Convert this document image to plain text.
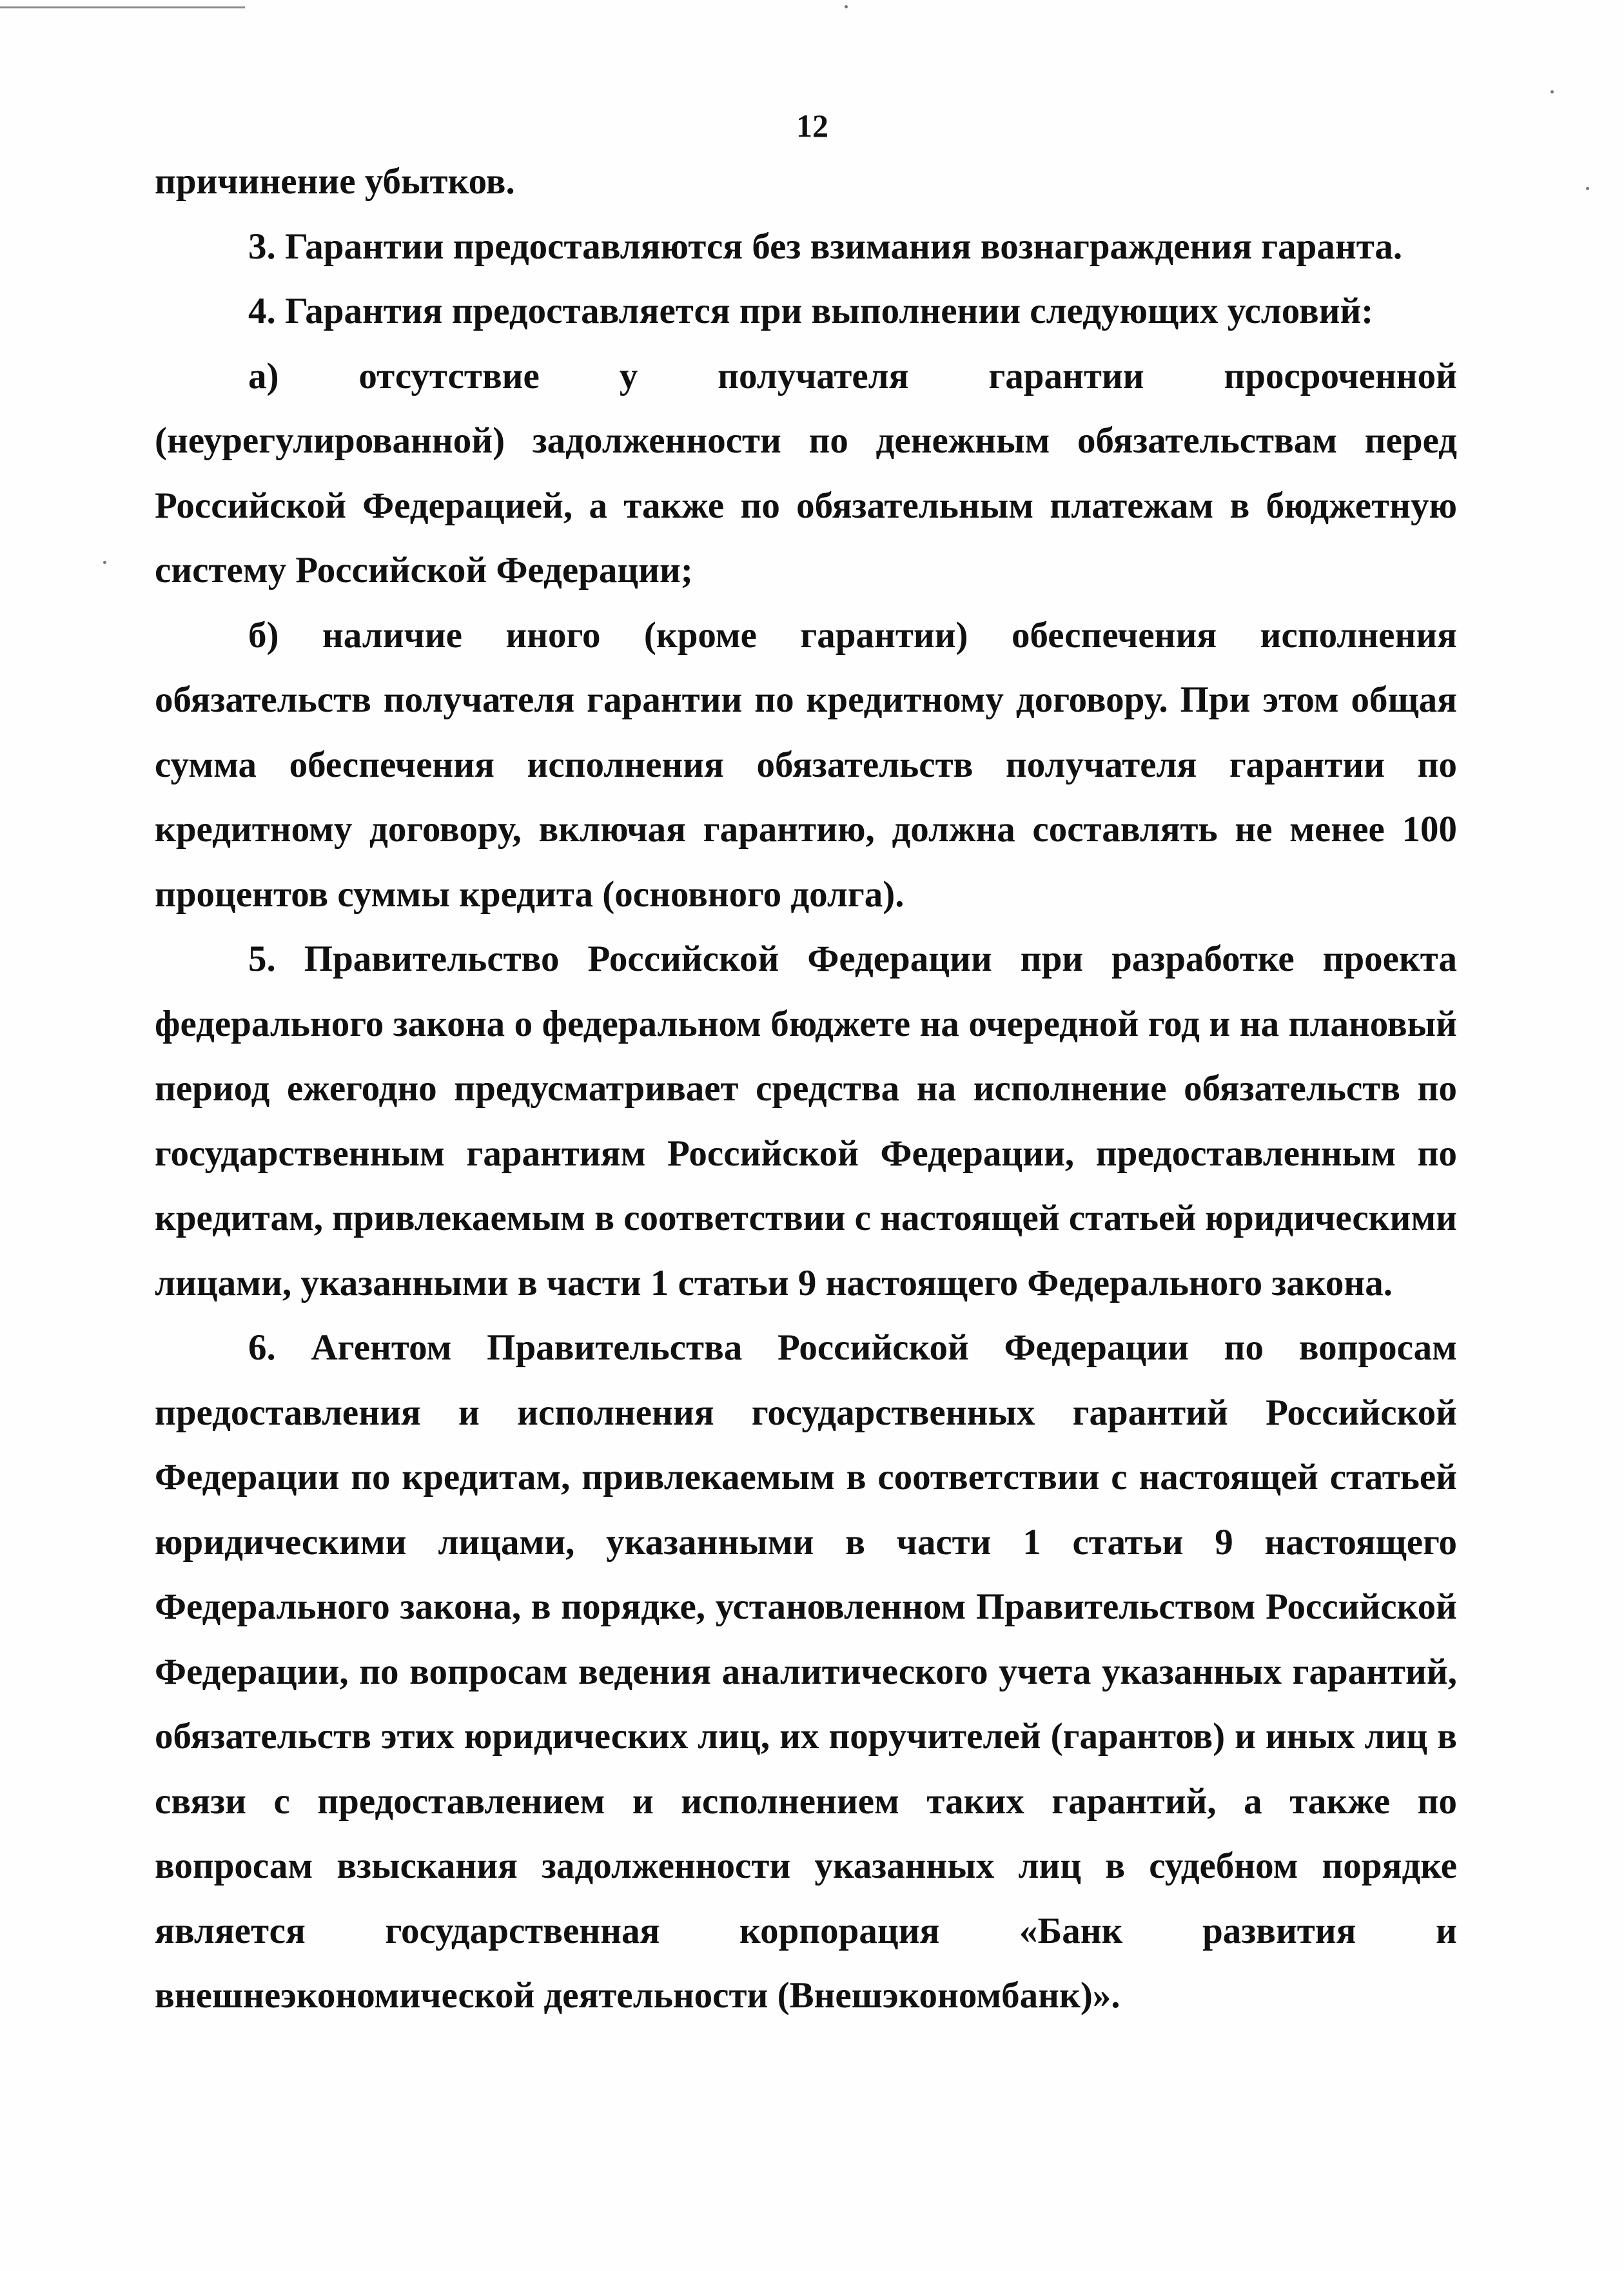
12

причинение убытков.

3. Гарантии предоставляются без взимания вознаграждения гаранта.

4. Гарантия предоставляется при выполнении следующих условий:

а) отсутствие у получателя гарантии просроченной (неурегулированной) задолженности по денежным обязательствам перед Российской Федерацией, а также по обязательным платежам в бюджетную систему Российской Федерации;

б) наличие иного (кроме гарантии) обеспечения исполнения обязательств получателя гарантии по кредитному договору. При этом общая сумма обеспечения исполнения обязательств получателя гарантии по кредитному договору, включая гарантию, должна составлять не менее 100 процентов суммы кредита (основного долга).

5. Правительство Российской Федерации при разработке проекта федерального закона о федеральном бюджете на очередной год и на плановый период ежегодно предусматривает средства на исполнение обязательств по государственным гарантиям Российской Федерации, предоставленным по кредитам, привлекаемым в соответствии с настоящей статьей юридическими лицами, указанными в части 1 статьи 9 настоящего Федерального закона.

6. Агентом Правительства Российской Федерации по вопросам предоставления и исполнения государственных гарантий Российской Федерации по кредитам, привлекаемым в соответствии с настоящей статьей юридическими лицами, указанными в части 1 статьи 9 настоящего Федерального закона, в порядке, установленном Правительством Российской Федерации, по вопросам ведения аналитического учета указанных гарантий, обязательств этих юридических лиц, их поручителей (гарантов) и иных лиц в связи с предоставлением и исполнением таких гарантий, а также по вопросам взыскания задолженности указанных лиц в судебном порядке является государственная корпорация «Банк развития и внешнеэкономической деятельности (Внешэкономбанк)».
